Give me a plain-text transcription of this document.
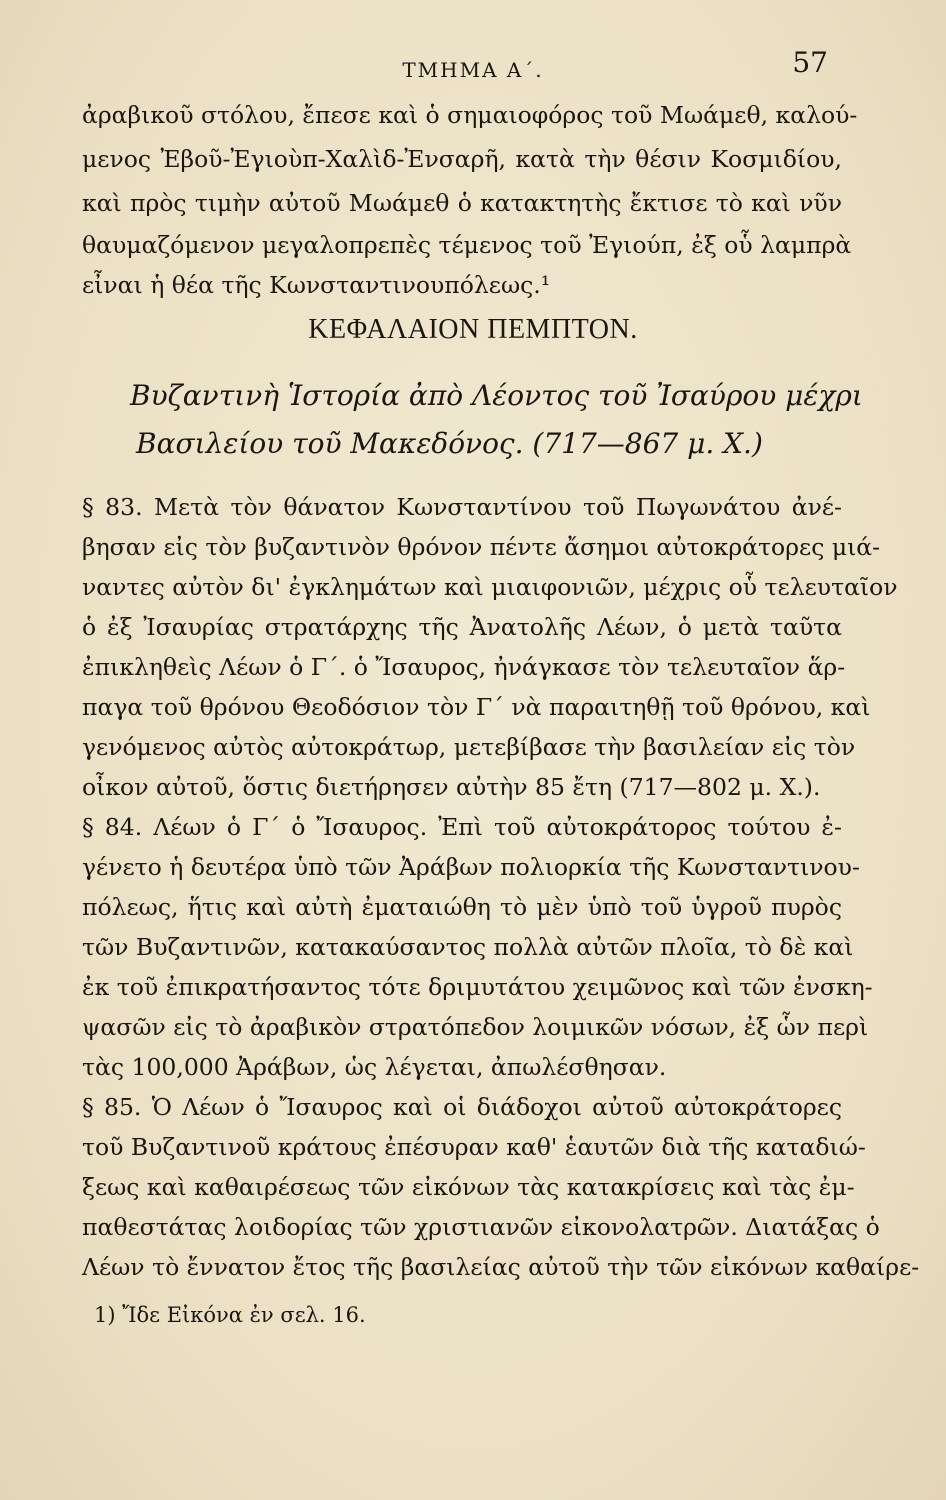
ΤΜΗΜΑ Α΄.	57
ἀραβικοῦ στόλου, ἔπεσε καὶ ὁ σημαιοφόρος τοῦ Μωάμεθ, καλού-
μενος Ἐβοῦ-Ἐγιοὺπ-Χαλὶδ-Ἐνσαρῆ, κατὰ τὴν θέσιν Κοσμιδίου,
καὶ πρὸς τιμὴν αὐτοῦ Μωάμεθ ὁ κατακτητὴς ἔκτισε τὸ καὶ νῦν
θαυμαζόμενον μεγαλοπρεπὲς τέμενος τοῦ Ἐγιούπ, ἐξ οὗ λαμπρὰ
εἶναι ἡ θέα τῆς Κωνσταντινουπόλεως.¹
ΚΕΦΑΛΑΙΟΝ ΠΕΜΠΤΟΝ.
Βυζαντινὴ Ἱστορία ἀπὸ Λέοντος τοῦ Ἰσαύρου μέχρι
Βασιλείου τοῦ Μακεδόνος. (717—867 μ. Χ.)
§ 83. Μετὰ τὸν θάνατον Κωνσταντίνου τοῦ Πωγωνάτου ἀνέ-
βησαν εἰς τὸν βυζαντινὸν θρόνον πέντε ἄσημοι αὐτοκράτορες μιά-
ναντες αὐτὸν δι' ἐγκλημάτων καὶ μιαιφονιῶν, μέχρις οὗ τελευταῖον
ὁ ἐξ Ἰσαυρίας στρατάρχης τῆς Ἀνατολῆς Λέων, ὁ μετὰ ταῦτα
ἐπικληθεὶς Λέων ὁ Γ΄. ὁ Ἴσαυρος, ἠνάγκασε τὸν τελευταῖον ἅρ-
παγα τοῦ θρόνου Θεοδόσιον τὸν Γ΄ νὰ παραιτηθῇ τοῦ θρόνου, καὶ
γενόμενος αὐτὸς αὐτοκράτωρ, μετεβίβασε τὴν βασιλείαν εἰς τὸν
οἶκον αὐτοῦ, ὅστις διετήρησεν αὐτὴν 85 ἔτη (717—802 μ. Χ.).
§ 84. Λέων ὁ Γ΄ ὁ Ἴσαυρος. Ἐπὶ τοῦ αὐτοκράτορος τούτου ἐ-
γένετο ἡ δευτέρα ὑπὸ τῶν Ἀράβων πολιορκία τῆς Κωνσταντινου-
πόλεως, ἥτις καὶ αὐτὴ ἐματαιώθη τὸ μὲν ὑπὸ τοῦ ὑγροῦ πυρὸς
τῶν Βυζαντινῶν, κατακαύσαντος πολλὰ αὐτῶν πλοῖα, τὸ δὲ καὶ
ἐκ τοῦ ἐπικρατήσαντος τότε δριμυτάτου χειμῶνος καὶ τῶν ἐνσκη-
ψασῶν εἰς τὸ ἀραβικὸν στρατόπεδον λοιμικῶν νόσων, ἐξ ὧν περὶ
τὰς 100,000 Ἀράβων, ὡς λέγεται, ἀπωλέσθησαν.
§ 85. Ὁ Λέων ὁ Ἴσαυρος καὶ οἱ διάδοχοι αὐτοῦ αὐτοκράτορες
τοῦ Βυζαντινοῦ κράτους ἐπέσυραν καθ' ἑαυτῶν διὰ τῆς καταδιώ-
ξεως καὶ καθαιρέσεως τῶν εἰκόνων τὰς κατακρίσεις καὶ τὰς ἐμ-
παθεστάτας λοιδορίας τῶν χριστιανῶν εἰκονολατρῶν. Διατάξας ὁ
Λέων τὸ ἔννατον ἔτος τῆς βασιλείας αὐτοῦ τὴν τῶν εἰκόνων καθαίρε-
1) Ἴδε Εἰκόνα ἐν σελ. 16.
